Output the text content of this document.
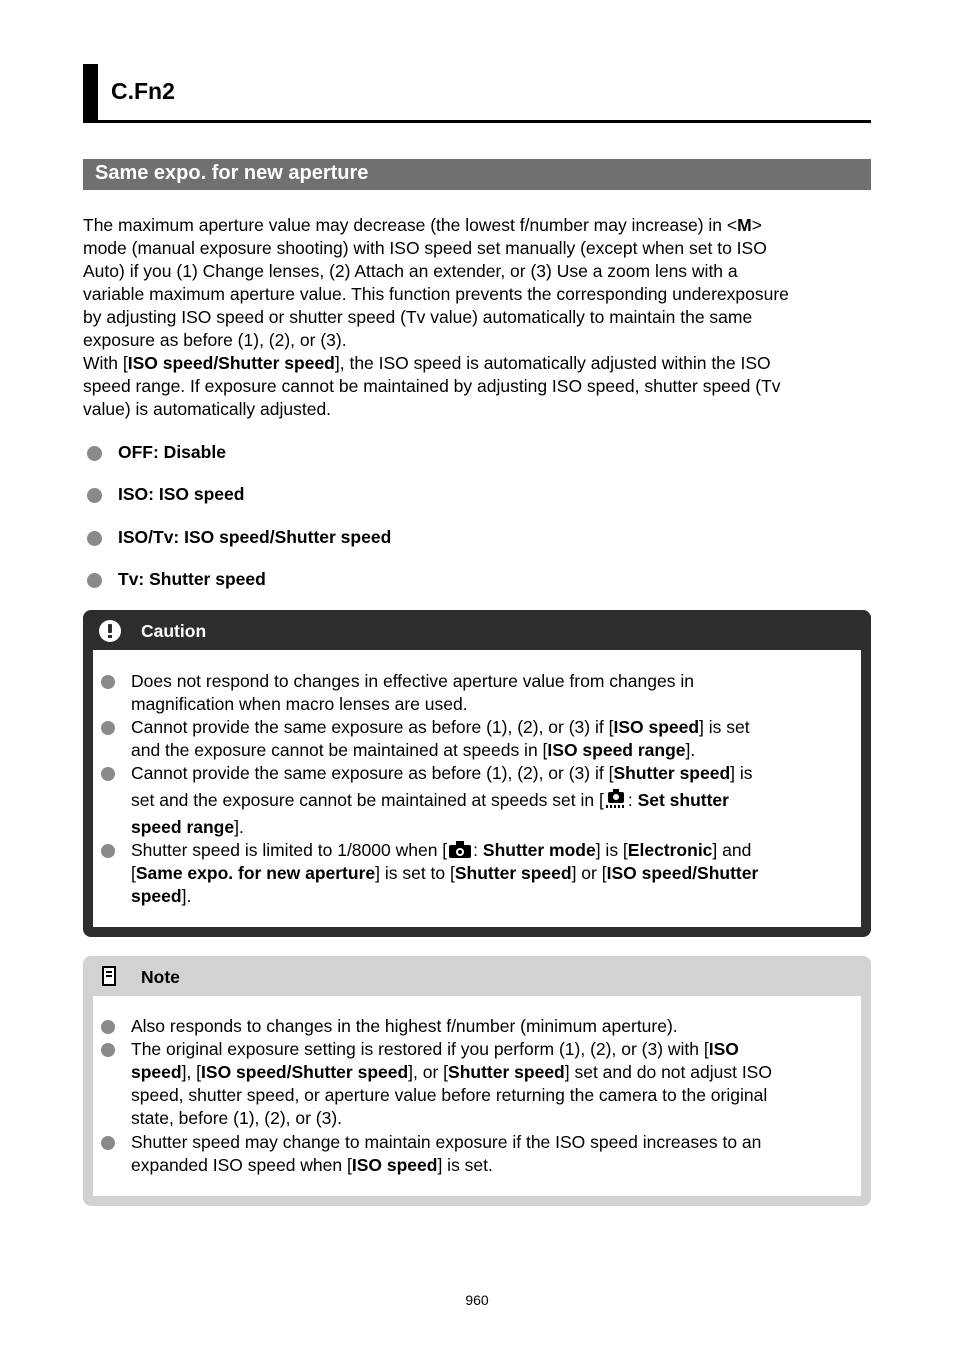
C.Fn2
Same expo. for new aperture

The maximum aperture value may decrease (the lowest f/number may increase) in <M>
mode (manual exposure shooting) with ISO speed set manually (except when set to ISO
Auto) if you (1) Change lenses, (2) Attach an extender, or (3) Use a zoom lens with a
variable maximum aperture value. This function prevents the corresponding underexposure
by adjusting ISO speed or shutter speed (Tv value) automatically to maintain the same
exposure as before (1), (2), or (3).

With [ISO speed/Shutter speed], the ISO speed is automatically adjusted within the ISO
speed range. If exposure cannot be maintained by adjusting ISO speed, shutter speed (Tv
value) is automatically adjusted.

OFF: Disable
ISO: ISO speed
ISO/Tv: ISO speed/Shutter speed
Tv: Shutter speed
Caution
Does not respond to changes in effective aperture value from changes in
magnification when macro lenses are used.
Cannot provide the same exposure as before (1), (2), or (3) if [ISO speed] is set
and the exposure cannot be maintained at speeds in [ISO speed range].
Cannot provide the same exposure as before (1), (2), or (3) if [Shutter speed] is
set and the exposure cannot be maintained at speeds set in [ : Set shutter
speed range].
Shutter speed is limited to 1/8000 when [ : Shutter mode] is [Electronic] and
[Same expo. for new aperture] is set to [Shutter speed] or [ISO speed/Shutter
speed].
Note
Also responds to changes in the highest f/number (minimum aperture).
The original exposure setting is restored if you perform (1), (2), or (3) with [ISO
speed], [ISO speed/Shutter speed], or [Shutter speed] set and do not adjust ISO
speed, shutter speed, or aperture value before returning the camera to the original
state, before (1), (2), or (3).
Shutter speed may change to maintain exposure if the ISO speed increases to an
expanded ISO speed when [ISO speed] is set.
960
